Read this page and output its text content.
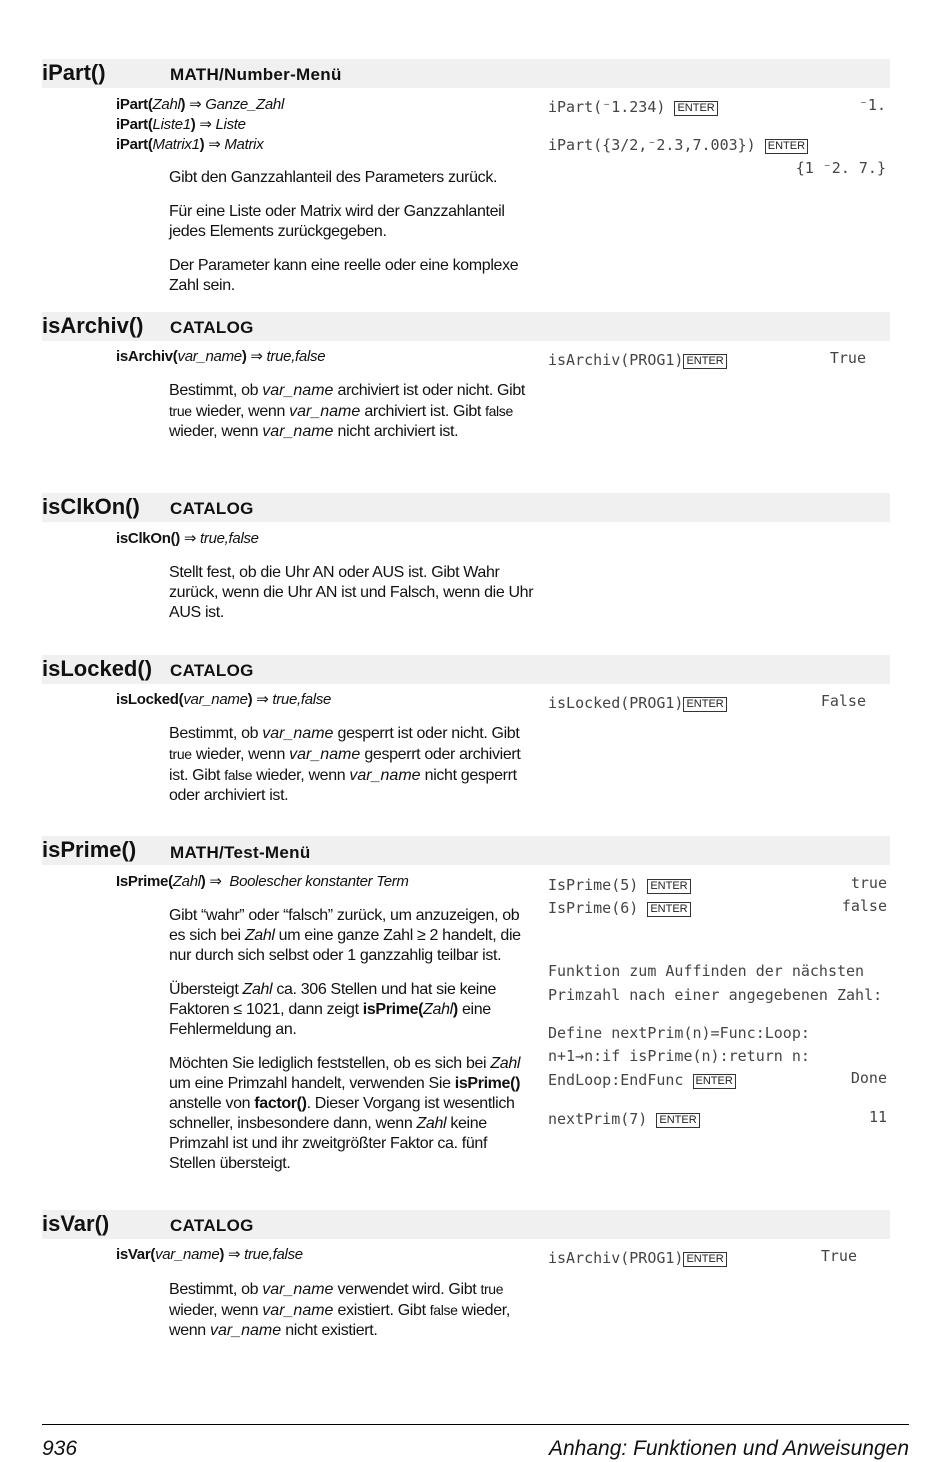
iPart()	MATH/Number-Menü
iPart(Zahl) ⇒ Ganze_Zahl
iPart(Liste1) ⇒ Liste
iPart(Matrix1) ⇒ Matrix

Gibt den Ganzzahlanteil des Parameters zurück.

Für eine Liste oder Matrix wird der Ganzzahlanteil jedes Elements zurückgegeben.

Der Parameter kann eine reelle oder eine komplexe Zahl sein.

iPart(⁻1.234) ENTER	⁻1.
iPart({3/2,⁻2.3,7.003}) ENTER
{1 ⁻2. 7.}
isArchiv() CATALOG
isArchiv(var_name) ⇒ true,false

Bestimmt, ob var_name archiviert ist oder nicht. Gibt true wieder, wenn var_name archiviert ist. Gibt false wieder, wenn var_name nicht archiviert ist.

isArchiv(PROG1) ENTER	True
isClkOn() CATALOG
isClkOn() ⇒ true,false

Stellt fest, ob die Uhr AN oder AUS ist. Gibt Wahr zurück, wenn die Uhr AN ist und Falsch, wenn die Uhr AUS ist.

isLocked() CATALOG
isLocked(var_name) ⇒ true,false

Bestimmt, ob var_name gesperrt ist oder nicht. Gibt true wieder, wenn var_name gesperrt oder archiviert ist. Gibt false wieder, wenn var_name nicht gesperrt oder archiviert ist.

isLocked(PROG1) ENTER	False
isPrime() MATH/Test-Menü
IsPrime(Zahl) ⇒ Boolescher konstanter Term

Gibt “wahr” oder “falsch” zurück, um anzuzeigen, ob es sich bei Zahl um eine ganze Zahl ≥ 2 handelt, die nur durch sich selbst oder 1 ganzzahlig teilbar ist.

Übersteigt Zahl ca. 306 Stellen und hat sie keine Faktoren ≤ 1021, dann zeigt isPrime(Zahl) eine Fehlermeldung an.

Möchten Sie lediglich feststellen, ob es sich bei Zahl um eine Primzahl handelt, verwenden Sie isPrime() anstelle von factor(). Dieser Vorgang ist wesentlich schneller, insbesondere dann, wenn Zahl keine Primzahl ist und ihr zweitgrößter Faktor ca. fünf Stellen übersteigt.

IsPrime(5) ENTER	true
IsPrime(6) ENTER	false
Funktion zum Auffinden der nächsten
Primzahl nach einer angegebenen Zahl:
Define nextPrim(n)=Func:Loop:
n+1→n:if isPrime(n):return n:
EndLoop:EndFunc ENTER	Done
nextPrim(7) ENTER	11
isVar()	CATALOG
isVar(var_name) ⇒ true,false

Bestimmt, ob var_name verwendet wird. Gibt true wieder, wenn var_name existiert. Gibt false wieder, wenn var_name nicht existiert.

isArchiv(PROG1) ENTER	True
936	Anhang: Funktionen und Anweisungen
